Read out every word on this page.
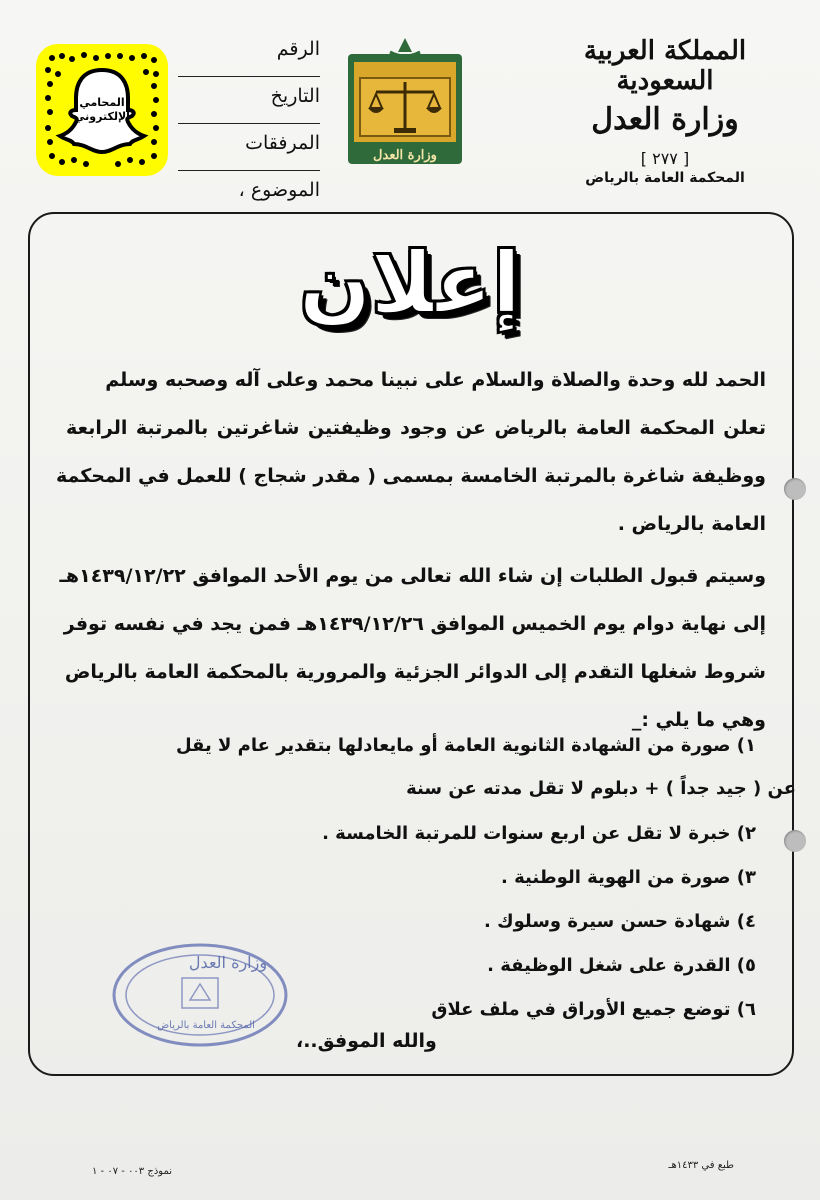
المحامي
الإلكتروني
الرقم
التاريخ
المرفقات
الموضوع ،
وزارة العدل
المملكة العربية السعودية
وزارة العدل
[ ٢٧٧ ]
المحكمة العامة بالرياض
إعلان
الحمد لله وحدة والصلاة والسلام على نبينا محمد وعلى آله وصحبه وسلم
تعلن المحكمة العامة بالرياض عن وجود وظيفتين شاغرتين بالمرتبة الرابعة
ووظيفة شاغرة بالمرتبة الخامسة بمسمى ( مقدر شجاج ) للعمل في المحكمة
العامة بالرياض .
وسيتم قبول الطلبات إن شاء الله تعالى من يوم الأحد الموافق ١٤٣٩/١٢/٢٢هـ
إلى نهاية دوام يوم الخميس الموافق ١٤٣٩/١٢/٢٦هـ فمن يجد في نفسه توفر
شروط شغلها التقدم إلى الدوائر الجزئية والمرورية بالمحكمة العامة بالرياض
وهي ما يلي :_
١) صورة من الشهادة الثانوية العامة أو مايعادلها بتقدير عام لا يقل
عن ( جيد جداً ) + دبلوم لا تقل مدته عن سنة
٢) خبرة لا تقل عن اربع سنوات للمرتبة الخامسة .
٣) صورة من الهوية الوطنية .
٤) شهادة حسن سيرة وسلوك .
٥) القدرة على شغل الوظيفة .
٦) توضع جميع الأوراق في ملف علاق
وزارة العدل
المحكمة العامة بالرياض
والله الموفق..،
نموذج ٠٠٣ - ٠٧ - ١
طبع في ١٤٣٣هـ
